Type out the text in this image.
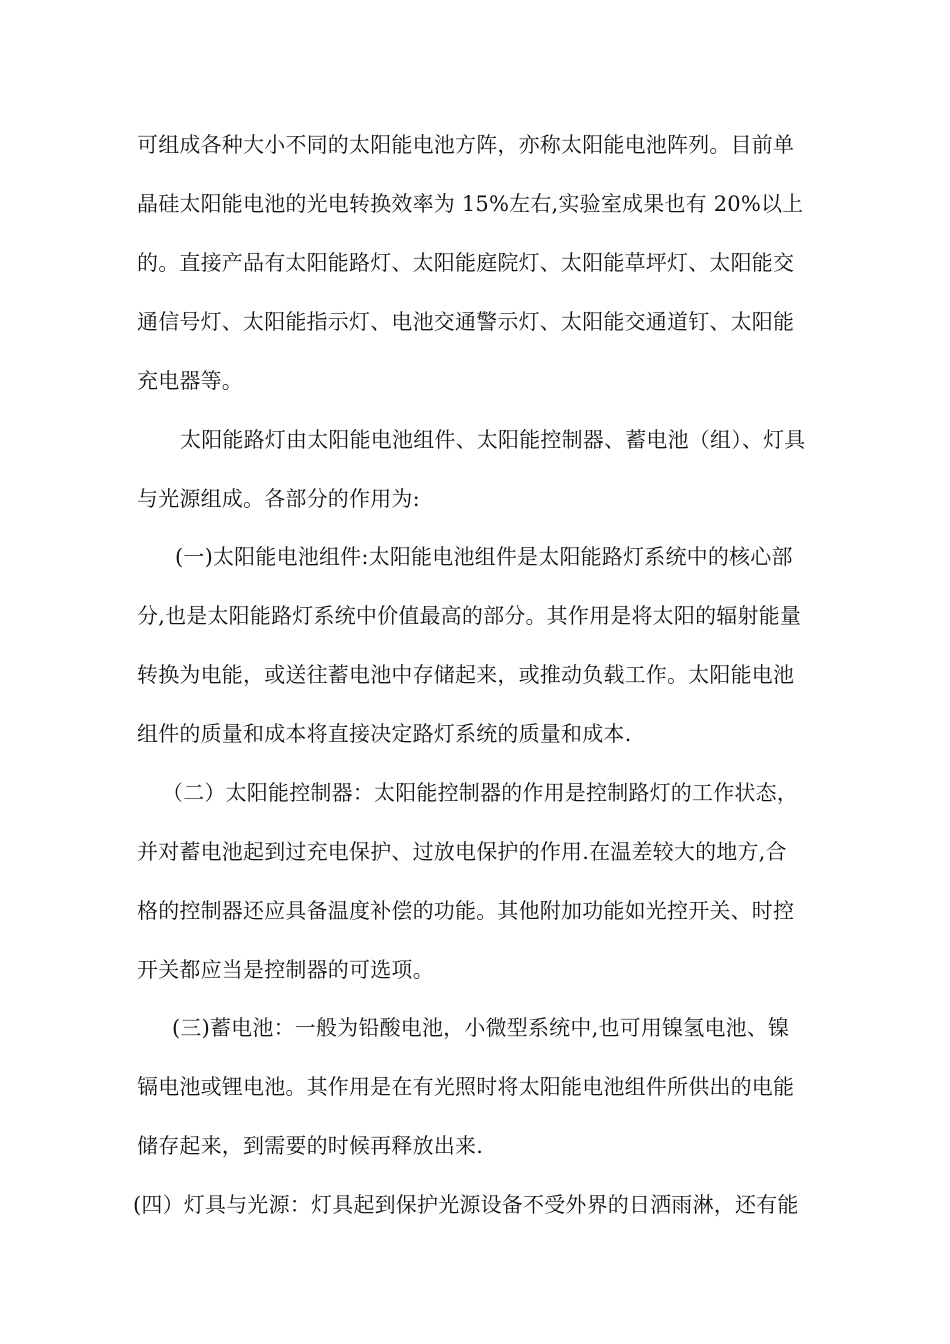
可组成各种大小不同的太阳能电池方阵，亦称太阳能电池阵列。目前单
晶硅太阳能电池的光电转换效率为 15%左右,实验室成果也有 20%以上
的。直接产品有太阳能路灯、太阳能庭院灯、太阳能草坪灯、太阳能交
通信号灯、太阳能指示灯、电池交通警示灯、太阳能交通道钉、太阳能
充电器等。
太阳能路灯由太阳能电池组件、太阳能控制器、蓄电池（组）、灯具
与光源组成。各部分的作用为:
(一)太阳能电池组件:太阳能电池组件是太阳能路灯系统中的核心部
分,也是太阳能路灯系统中价值最高的部分。其作用是将太阳的辐射能量
转换为电能，或送往蓄电池中存储起来，或推动负载工作。太阳能电池
组件的质量和成本将直接决定路灯系统的质量和成本.
（二）太阳能控制器：太阳能控制器的作用是控制路灯的工作状态，
并对蓄电池起到过充电保护、过放电保护的作用.在温差较大的地方,合
格的控制器还应具备温度补偿的功能。其他附加功能如光控开关、时控
开关都应当是控制器的可选项。
(三)蓄电池：一般为铅酸电池，小微型系统中,也可用镍氢电池、镍
镉电池或锂电池。其作用是在有光照时将太阳能电池组件所供出的电能
储存起来，到需要的时候再释放出来.
(四）灯具与光源：灯具起到保护光源设备不受外界的日洒雨淋，还有能
